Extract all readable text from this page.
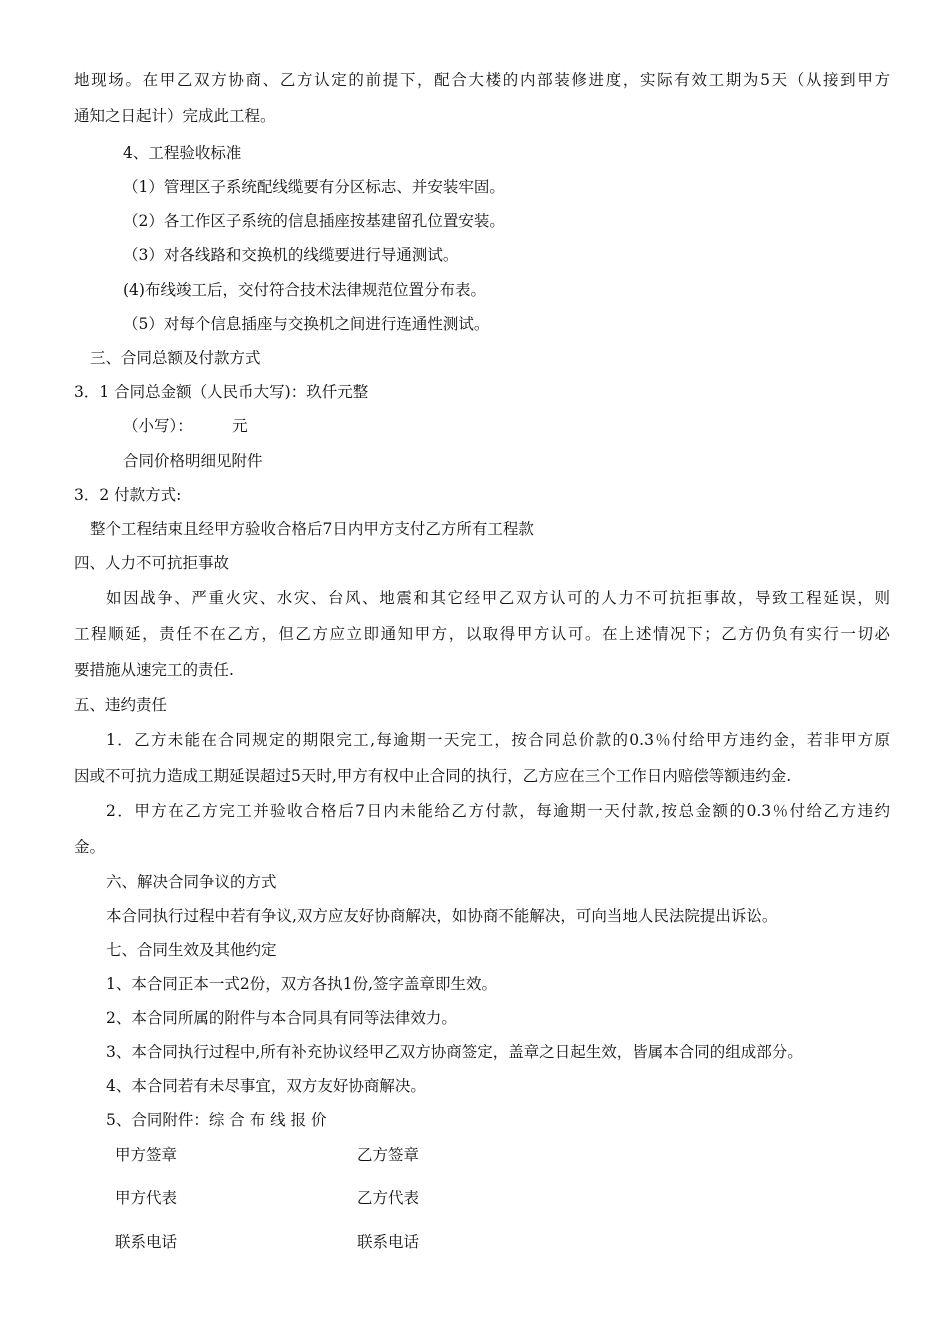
地现场。在甲乙双方协商、乙方认定的前提下，配合大楼的内部装修进度，实际有效工期为5天（从接到甲方
通知之日起计）完成此工程。
4、工程验收标准
（1）管理区子系统配线缆要有分区标志、并安装牢固。
（2）各工作区子系统的信息插座按基建留孔位置安装。
（3）对各线路和交换机的线缆要进行导通测试。
(4)布线竣工后，交付符合技术法律规范位置分布表。
（5）对每个信息插座与交换机之间进行连通性测试。
三、合同总额及付款方式
3．1 合同总金额（人民币大写)：玖仟元整
（小写）：        元
合同价格明细见附件
3．2 付款方式:
整个工程结束且经甲方验收合格后7日内甲方支付乙方所有工程款
四、人力不可抗拒事故
如因战争、严重火灾、水灾、台风、地震和其它经甲乙双方认可的人力不可抗拒事故，导致工程延误，则
工程顺延，责任不在乙方，但乙方应立即通知甲方，以取得甲方认可。在上述情况下；乙方仍负有实行一切必
要措施从速完工的责任.
五、违约责任
1．乙方未能在合同规定的期限完工,每逾期一天完工，按合同总价款的0.3％付给甲方违约金，若非甲方原
因或不可抗力造成工期延误超过5天时,甲方有权中止合同的执行，乙方应在三个工作日内赔偿等额违约金.
2．甲方在乙方完工并验收合格后7日内未能给乙方付款，每逾期一天付款,按总金额的0.3％付给乙方违约
金。
六、解决合同争议的方式
本合同执行过程中若有争议,双方应友好协商解决，如协商不能解决，可向当地人民法院提出诉讼。
七、合同生效及其他约定
1、本合同正本一式2份，双方各执1份,签字盖章即生效。
2、本合同所属的附件与本合同具有同等法律效力。
3、本合同执行过程中,所有补充协议经甲乙双方协商签定，盖章之日起生效，皆属本合同的组成部分。
4、本合同若有未尽事宜，双方友好协商解决。
5、合同附件：综 合 布 线 报 价
甲方签章	乙方签章
甲方代表	乙方代表
联系电话	联系电话
